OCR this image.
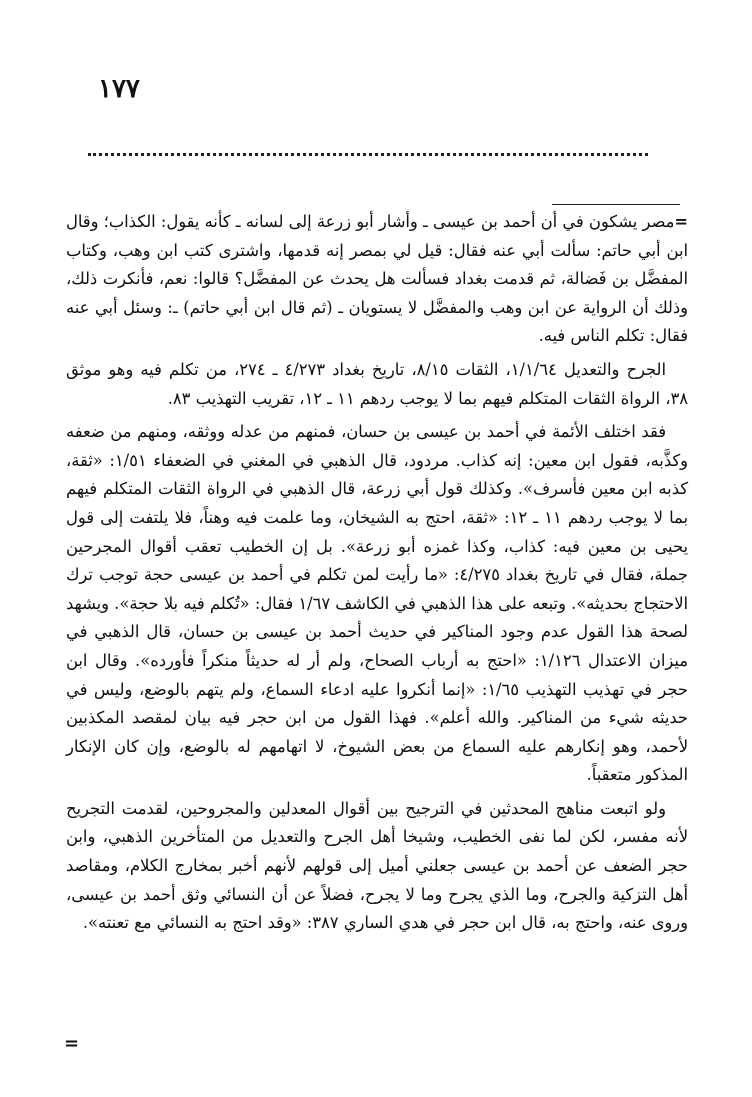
١٧٧

=مصر يشكون في أن أحمد بن عيسى ـ وأشار أبو زرعة إلى لسانه ـ كأنه يقول: الكذاب؛ وقال ابن أبي حاتم: سألت أبي عنه فقال: قيل لي بمصر إنه قدمها، واشترى كتب ابن وهب، وكتاب المفضَّل بن فَضالة، ثم قدمت بغداد فسألت هل يحدث عن المفضَّل؟ قالوا: نعم، فأنكرت ذلك، وذلك أن الرواية عن ابن وهب والمفضَّل لا يستويان ـ (ثم قال ابن أبي حاتم) ـ: وسئل أبي عنه فقال: تكلم الناس فيه.

الجرح والتعديل ١/١/٦٤، الثقات ٨/١٥، تاريخ بغداد ٤/٢٧٣ ـ ٢٧٤، من تكلم فيه وهو موثق ٣٨، الرواة الثقات المتكلم فيهم بما لا يوجب ردهم ١١ ـ ١٢، تقريب التهذيب ٨٣.

فقد اختلف الأئمة في أحمد بن عيسى بن حسان، فمنهم من عدله ووثقه، ومنهم من ضعفه وكذَّبه، فقول ابن معين: إنه كذاب. مردود، قال الذهبي في المغني في الضعفاء ١/٥١: «ثقة، كذبه ابن معين فأسرف». وكذلك قول أبي زرعة، قال الذهبي في الرواة الثقات المتكلم فيهم بما لا يوجب ردهم ١١ ـ ١٢: «ثقة، احتج به الشيخان، وما علمت فيه وهناً، فلا يلتفت إلى قول يحيى بن معين فيه: كذاب، وكذا غمزه أبو زرعة». بل إن الخطيب تعقب أقوال المجرحين جملة، فقال في تاريخ بغداد ٤/٢٧٥: «ما رأيت لمن تكلم في أحمد بن عيسى حجة توجب ترك الاحتجاج بحديثه». وتبعه على هذا الذهبي في الكاشف ١/٦٧ فقال: «تُكلم فيه بلا حجة». ويشهد لصحة هذا القول عدم وجود المناكير في حديث أحمد بن عيسى بن حسان، قال الذهبي في ميزان الاعتدال ١/١٢٦: «احتج به أرباب الصحاح، ولم أر له حديثاً منكراً فأورده». وقال ابن حجر في تهذيب التهذيب ١/٦٥: «إنما أنكروا عليه ادعاء السماع، ولم يتهم بالوضع، وليس في حديثه شيء من المناكير. والله أعلم». فهذا القول من ابن حجر فيه بيان لمقصد المكذبين لأحمد، وهو إنكارهم عليه السماع من بعض الشيوخ، لا اتهامهم له بالوضع، وإن كان الإنكار المذكور متعقباً.

ولو اتبعت مناهج المحدثين في الترجيح بين أقوال المعدلين والمجروحين، لقدمت التجريح لأنه مفسر، لكن لما نفى الخطيب، وشيخا أهل الجرح والتعديل من المتأخرين الذهبي، وابن حجر الضعف عن أحمد بن عيسى جعلني أميل إلى قولهم لأنهم أخبر بمخارج الكلام، ومقاصد أهل التزكية والجرح، وما الذي يجرح وما لا يجرح، فضلاً عن أن النسائي وثق أحمد بن عيسى، وروى عنه، واحتج به، قال ابن حجر في هدي الساري ٣٨٧: «وقد احتج به النسائي مع تعنته».

=
